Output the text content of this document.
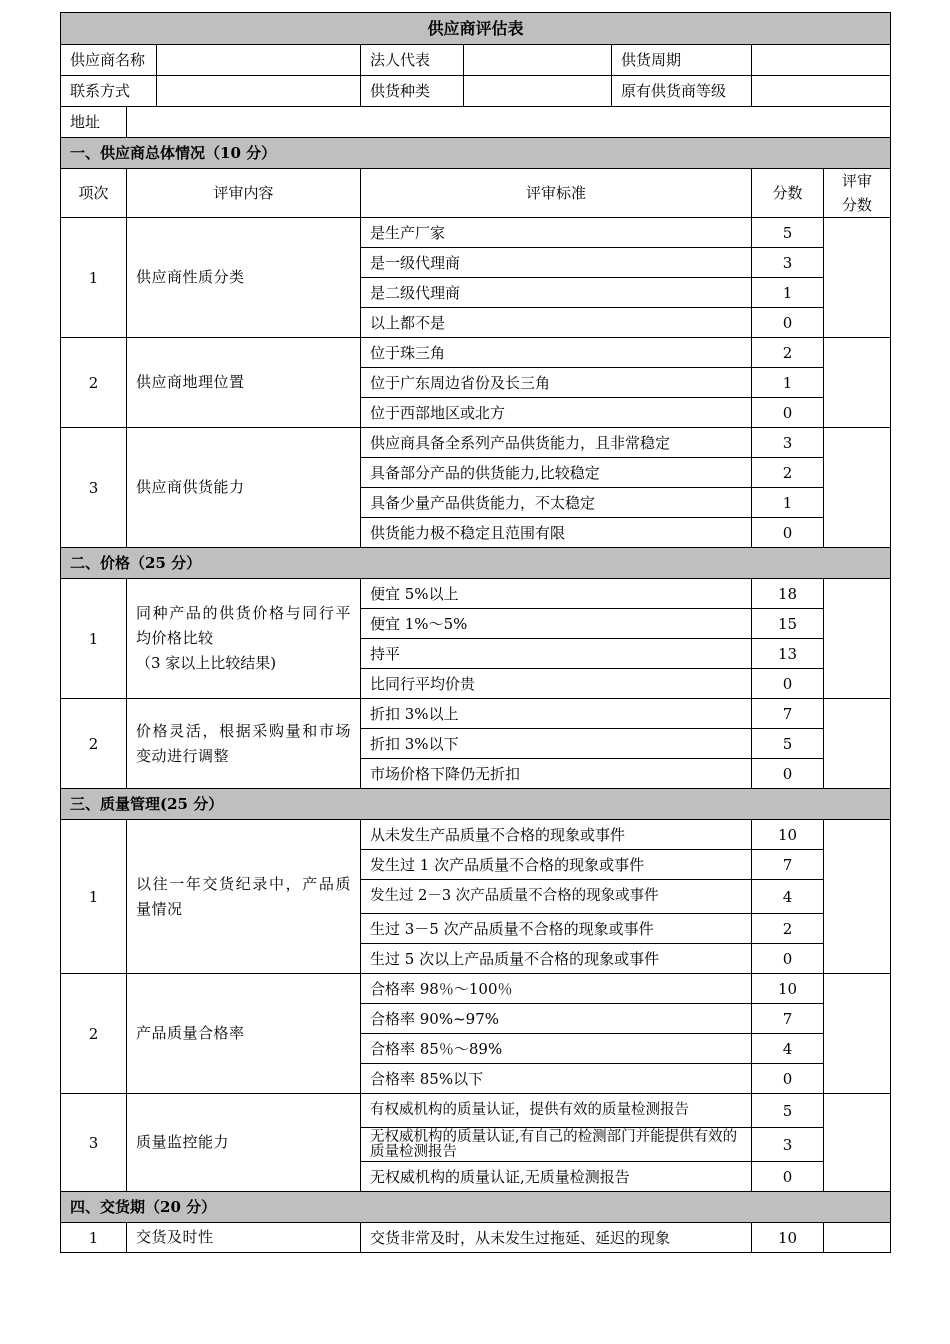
供应商评估表						

供应商名称		法人代表		供货周期		

联系方式		供货种类		原有供货商等级		
地址						
一、供应商总体情况（10 分）						
项次	评审内容	评审标准			分数	评审分数

1	供应商性质分类	是生产厂家			5	
		是一级代理商			3	
		是二级代理商			1	
		以上都不是			0	
2	供应商地理位置	位于珠三角			2	
		位于广东周边省份及长三角			1	
		位于西部地区或北方			0	
3	供应商供货能力	供应商具备全系列产品供货能力，且非常稳定			3	
		具备部分产品的供货能力,比较稳定			2	
		具备少量产品供货能力，不太稳定			1	
		供货能力极不稳定且范围有限			0	
二、价格（25 分）						
1	同种产品的供货价格与同行平均价格比较
（3 家以上比较结果)	便宜 5%以上			18	
		便宜 1%～5%			15	
		持平			13	
		比同行平均价贵			0	
2	价格灵活，根据采购量和市场变动进行调整	折扣 3%以上			7	
		折扣 3%以下			5	
		市场价格下降仍无折扣			0	
三、质量管理(25 分）						
1	以往一年交货纪录中，产品质量情况	从未发生产品质量不合格的现象或事件			10	
		发生过 1 次产品质量不合格的现象或事件			7	
		发生过 2－3 次产品质量不合格的现象或事件			4	
		生过 3－5 次产品质量不合格的现象或事件			2	
		生过 5 次以上产品质量不合格的现象或事件			0	
2	产品质量合格率	合格率 98％～100％			10	
		合格率 90%~97%			7	
		合格率 85％～89%			4	
		合格率 85%以下			0	
3	质量监控能力	有权威机构的质量认证，提供有效的质量检测报告			5	
		无权威机构的质量认证,有自己的检测部门并能提供有效的质量检测报告			3	
		无权威机构的质量认证,无质量检测报告			0	
四、交货期（20 分）						
1	交货及时性	交货非常及时，从未发生过拖延、延迟的现象			10	
